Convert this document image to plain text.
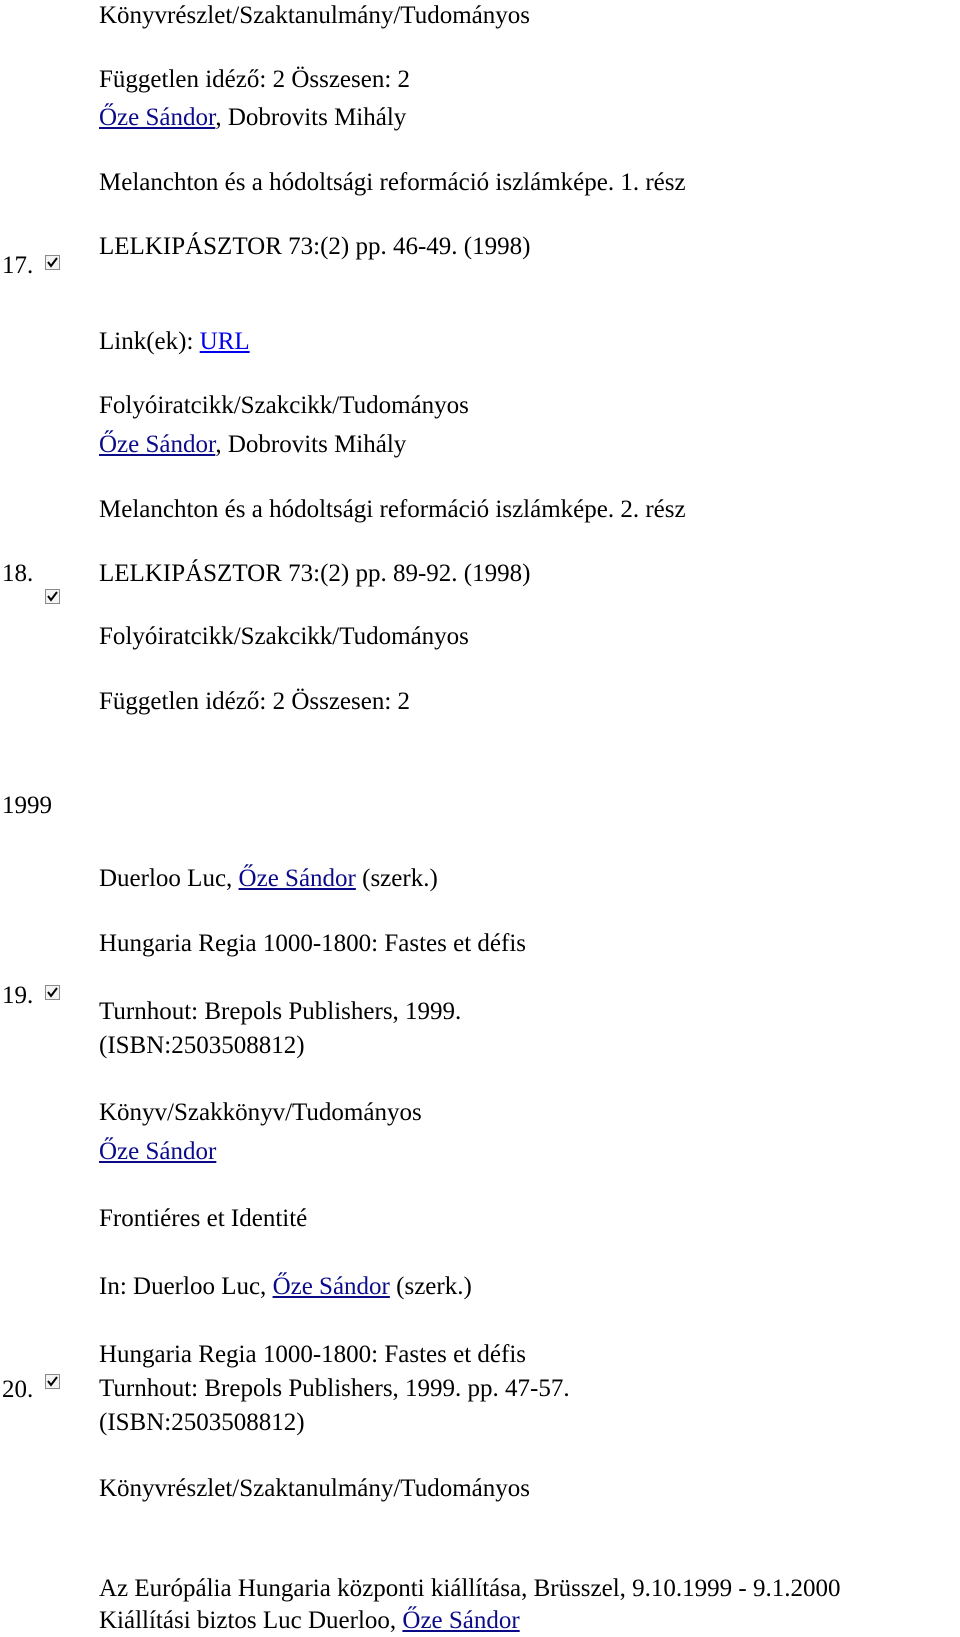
Könyvrészlet/Szaktanulmány/Tudományos
Független idéző: 2 Összesen: 2
Őze Sándor, Dobrovits Mihály
Melanchton és a hódoltsági reformáció iszlámképe. 1. rész
17.
LELKIPÁSZTOR 73:(2) pp. 46-49. (1998)
Link(ek): URL
Folyóiratcikk/Szakcikk/Tudományos
Őze Sándor, Dobrovits Mihály
Melanchton és a hódoltsági reformáció iszlámképe. 2. rész
18.	LELKIPÁSZTOR 73:(2) pp. 89-92. (1998)
Folyóiratcikk/Szakcikk/Tudományos
Független idéző: 2 Összesen: 2
1999
Duerloo Luc, Őze Sándor (szerk.)
Hungaria Regia 1000-1800: Fastes et défis
19.
Turnhout: Brepols Publishers, 1999.
(ISBN:2503508812)
Könyv/Szakkönyv/Tudományos
Őze Sándor
Frontiéres et Identité
In: Duerloo Luc, Őze Sándor (szerk.)
Hungaria Regia 1000-1800: Fastes et défis
20.	Turnhout: Brepols Publishers, 1999. pp. 47-57.
(ISBN:2503508812)
Könyvrészlet/Szaktanulmány/Tudományos
Az Európália Hungaria központi kiállítása, Brüsszel, 9.10.1999 - 9.1.2000
Kiállítási biztos Luc Duerloo, Őze Sándor
